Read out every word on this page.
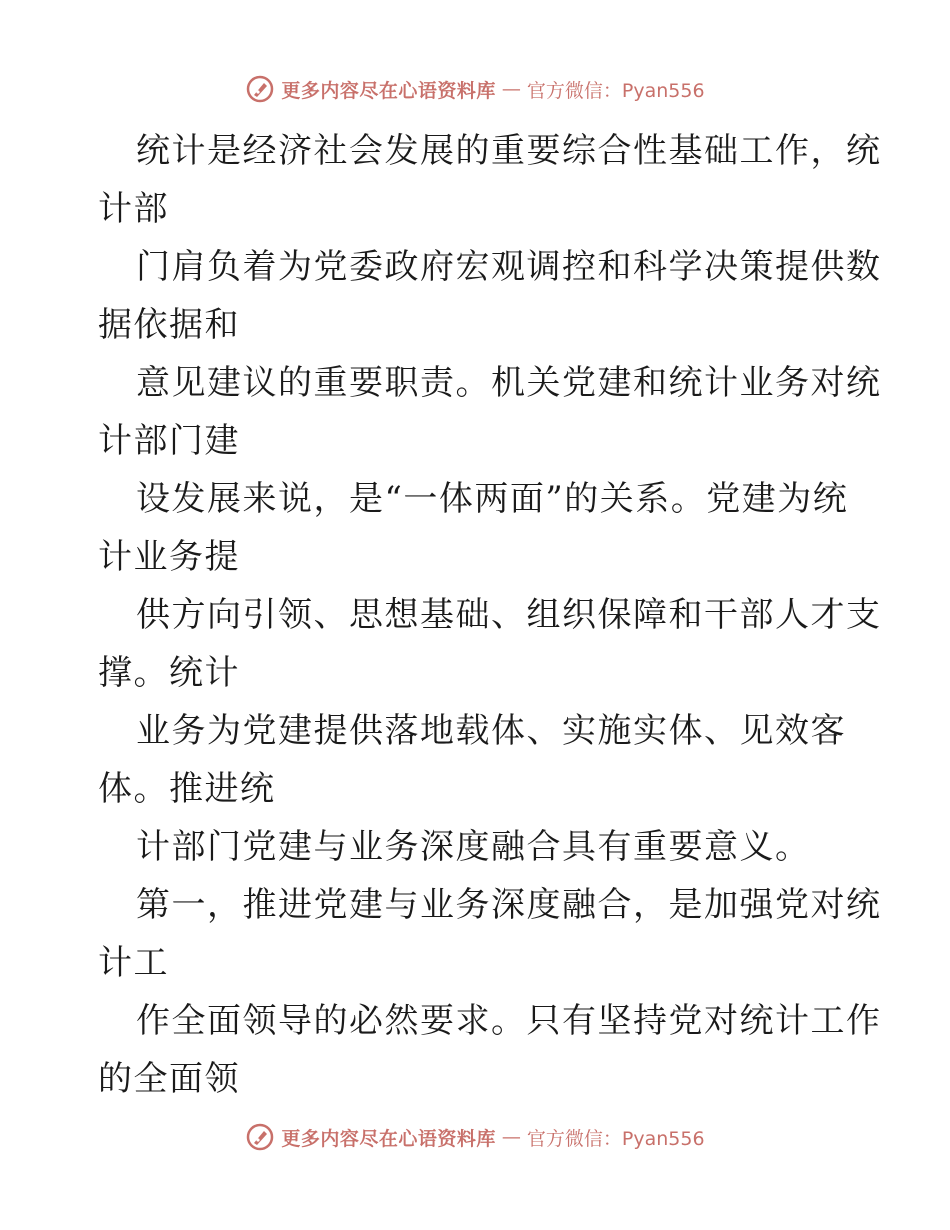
更多内容尽在心语资料库 — 官方微信：Pyan556
统计是经济社会发展的重要综合性基础工作，统
计部
门肩负着为党委政府宏观调控和科学决策提供数
据依据和
意见建议的重要职责。机关党建和统计业务对统
计部门建
设发展来说，是“一体两面”的关系。党建为统
计业务提
供方向引领、思想基础、组织保障和干部人才支
撑。统计
业务为党建提供落地载体、实施实体、见效客
体。推进统
计部门党建与业务深度融合具有重要意义。
第一，推进党建与业务深度融合，是加强党对统
计工
作全面领导的必然要求。只有坚持党对统计工作
的全面领
更多内容尽在心语资料库 — 官方微信：Pyan556
